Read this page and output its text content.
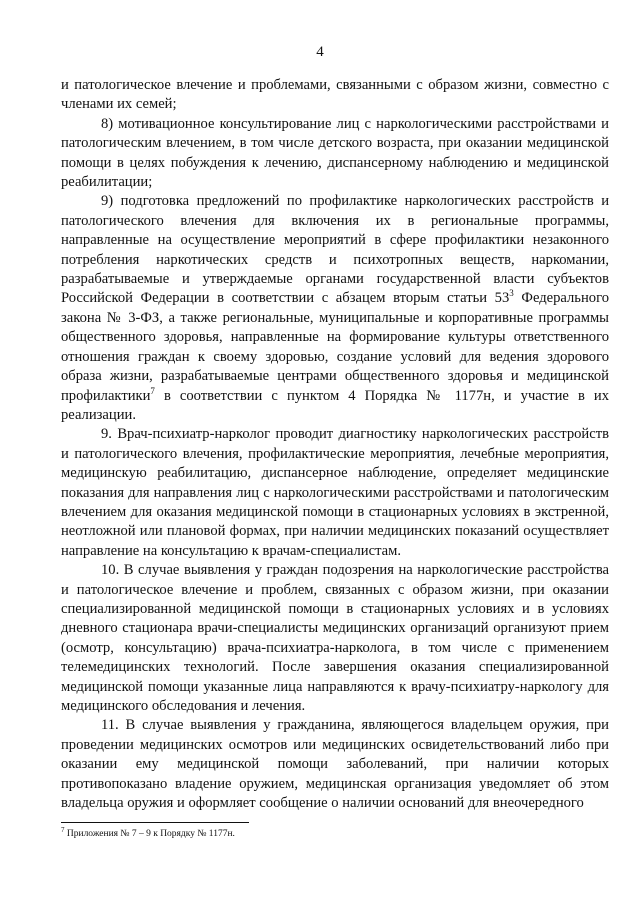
4

и патологическое влечение и проблемами, связанными с образом жизни, совместно с членами их семей;

8) мотивационное консультирование лиц с наркологическими расстройствами и патологическим влечением, в том числе детского возраста, при оказании медицинской помощи в целях побуждения к лечению, диспансерному наблюдению и медицинской реабилитации;

9) подготовка предложений по профилактике наркологических расстройств и патологического влечения для включения их в региональные программы, направленные на осуществление мероприятий в сфере профилактики незаконного потребления наркотических средств и психотропных веществ, наркомании, разрабатываемые и утверждаемые органами государственной власти субъектов Российской Федерации в соответствии с абзацем вторым статьи $53^3$ Федерального закона № 3-ФЗ, а также региональные, муниципальные и корпоративные программы общественного здоровья, направленные на формирование культуры ответственного отношения граждан к своему здоровью, создание условий для ведения здорового образа жизни, разрабатываемые центрами общественного здоровья и медицинской профилактики$^7$ в соответствии с пунктом 4 Порядка № 1177н, и участие в их реализации.

9. Врач-психиатр-нарколог проводит диагностику наркологических расстройств и патологического влечения, профилактические мероприятия, лечебные мероприятия, медицинскую реабилитацию, диспансерное наблюдение, определяет медицинские показания для направления лиц с наркологическими расстройствами и патологическим влечением для оказания медицинской помощи в стационарных условиях в экстренной, неотложной или плановой формах, при наличии медицинских показаний осуществляет направление на консультацию к врачам-специалистам.

10. В случае выявления у граждан подозрения на наркологические расстройства и патологическое влечение и проблем, связанных с образом жизни, при оказании специализированной медицинской помощи в стационарных условиях и в условиях дневного стационара врачи-специалисты медицинских организаций организуют прием (осмотр, консультацию) врача-психиатра-нарколога, в том числе с применением телемедицинских технологий. После завершения оказания специализированной медицинской помощи указанные лица направляются к врачу-психиатру-наркологу для медицинского обследования и лечения.

11. В случае выявления у гражданина, являющегося владельцем оружия, при проведении медицинских осмотров или медицинских освидетельствований либо при оказании ему медицинской помощи заболеваний, при наличии которых противопоказано владение оружием, медицинская организация уведомляет об этом владельца оружия и оформляет сообщение о наличии оснований для внеочередного

$^7$ Приложения № 7 – 9 к Порядку № 1177н.
